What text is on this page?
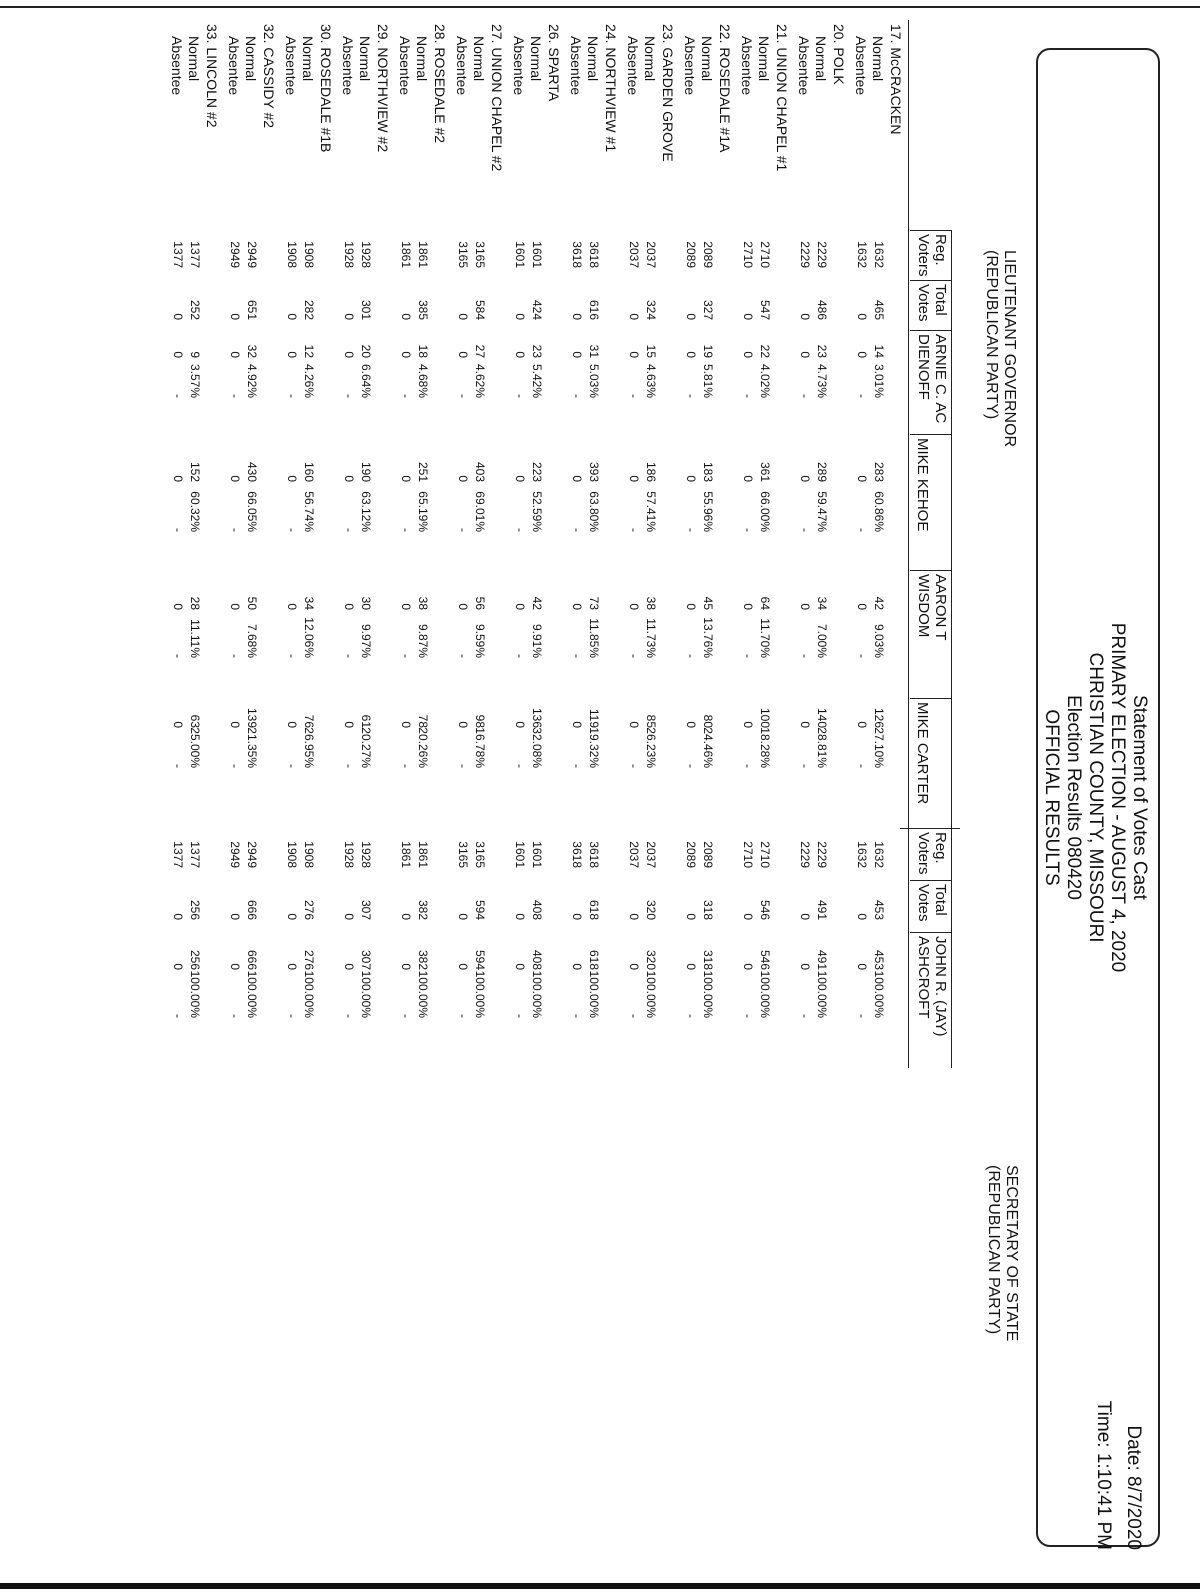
Statement of Votes Cast
PRIMARY ELECTION - AUGUST 4, 2020
CHRISTIAN COUNTY, MISSOURI
Election Results 080420
OFFICIAL RESULTS
Date: 8/7/2020
Time: 1:10:41 PM
LIEUTENANT GOVERNOR
(REPUBLICAN PARTY)
SECRETARY OF STATE
(REPUBLICAN PARTY)
Reg.
Voters
Total
Votes
ARNIE C. AC
DIENOFF
MIKE KEHOE
AARON T
WISDOM
MIKE CARTER
Reg.
Voters
Total
Votes
JOHN R. (JAY)
ASHCROFT
17. McCRACKEN
Normal
Absentee
1632
465
14
3.01%
283
60.86%
42
9.03%
126
27.10%
1632
453
453
100.00%
1632
0
0
-
0
-
0
-
0
-
1632
0
0
-
20. POLK
Normal
Absentee
2229
486
23
4.73%
289
59.47%
34
7.00%
140
28.81%
2229
491
491
100.00%
2229
0
0
-
0
-
0
-
0
-
2229
0
0
-
21. UNION CHAPEL #1
Normal
Absentee
2710
547
22
4.02%
361
66.00%
64
11.70%
100
18.28%
2710
546
546
100.00%
2710
0
0
-
0
-
0
-
0
-
2710
0
0
-
22. ROSEDALE #1A
Normal
Absentee
2089
327
19
5.81%
183
55.96%
45
13.76%
80
24.46%
2089
318
318
100.00%
2089
0
0
-
0
-
0
-
0
-
2089
0
0
-
23. GARDEN GROVE
Normal
Absentee
2037
324
15
4.63%
186
57.41%
38
11.73%
85
26.23%
2037
320
320
100.00%
2037
0
0
-
0
-
0
-
0
-
2037
0
0
-
24. NORTHVIEW #1
Normal
Absentee
3618
616
31
5.03%
393
63.80%
73
11.85%
119
19.32%
3618
618
618
100.00%
3618
0
0
-
0
-
0
-
0
-
3618
0
0
-
26. SPARTA
Normal
Absentee
1601
424
23
5.42%
223
52.59%
42
9.91%
136
32.08%
1601
408
408
100.00%
1601
0
0
-
0
-
0
-
0
-
1601
0
0
-
27. UNION CHAPEL #2
Normal
Absentee
3165
584
27
4.62%
403
69.01%
56
9.59%
98
16.78%
3165
594
594
100.00%
3165
0
0
-
0
-
0
-
0
-
3165
0
0
-
28. ROSEDALE #2
Normal
Absentee
1861
385
18
4.68%
251
65.19%
38
9.87%
78
20.26%
1861
382
382
100.00%
1861
0
0
-
0
-
0
-
0
-
1861
0
0
-
29. NORTHVIEW #2
Normal
Absentee
1928
301
20
6.64%
190
63.12%
30
9.97%
61
20.27%
1928
307
307
100.00%
1928
0
0
-
0
-
0
-
0
-
1928
0
0
-
30. ROSEDALE #1B
Normal
Absentee
1908
282
12
4.26%
160
56.74%
34
12.06%
76
26.95%
1908
276
276
100.00%
1908
0
0
-
0
-
0
-
0
-
1908
0
0
-
32. CASSIDY #2
Normal
Absentee
2949
651
32
4.92%
430
66.05%
50
7.68%
139
21.35%
2949
666
666
100.00%
2949
0
0
-
0
-
0
-
0
-
2949
0
0
-
33. LINCOLN #2
Normal
Absentee
1377
252
9
3.57%
152
60.32%
28
11.11%
63
25.00%
1377
256
256
100.00%
1377
0
0
-
0
-
0
-
0
-
1377
0
0
-
